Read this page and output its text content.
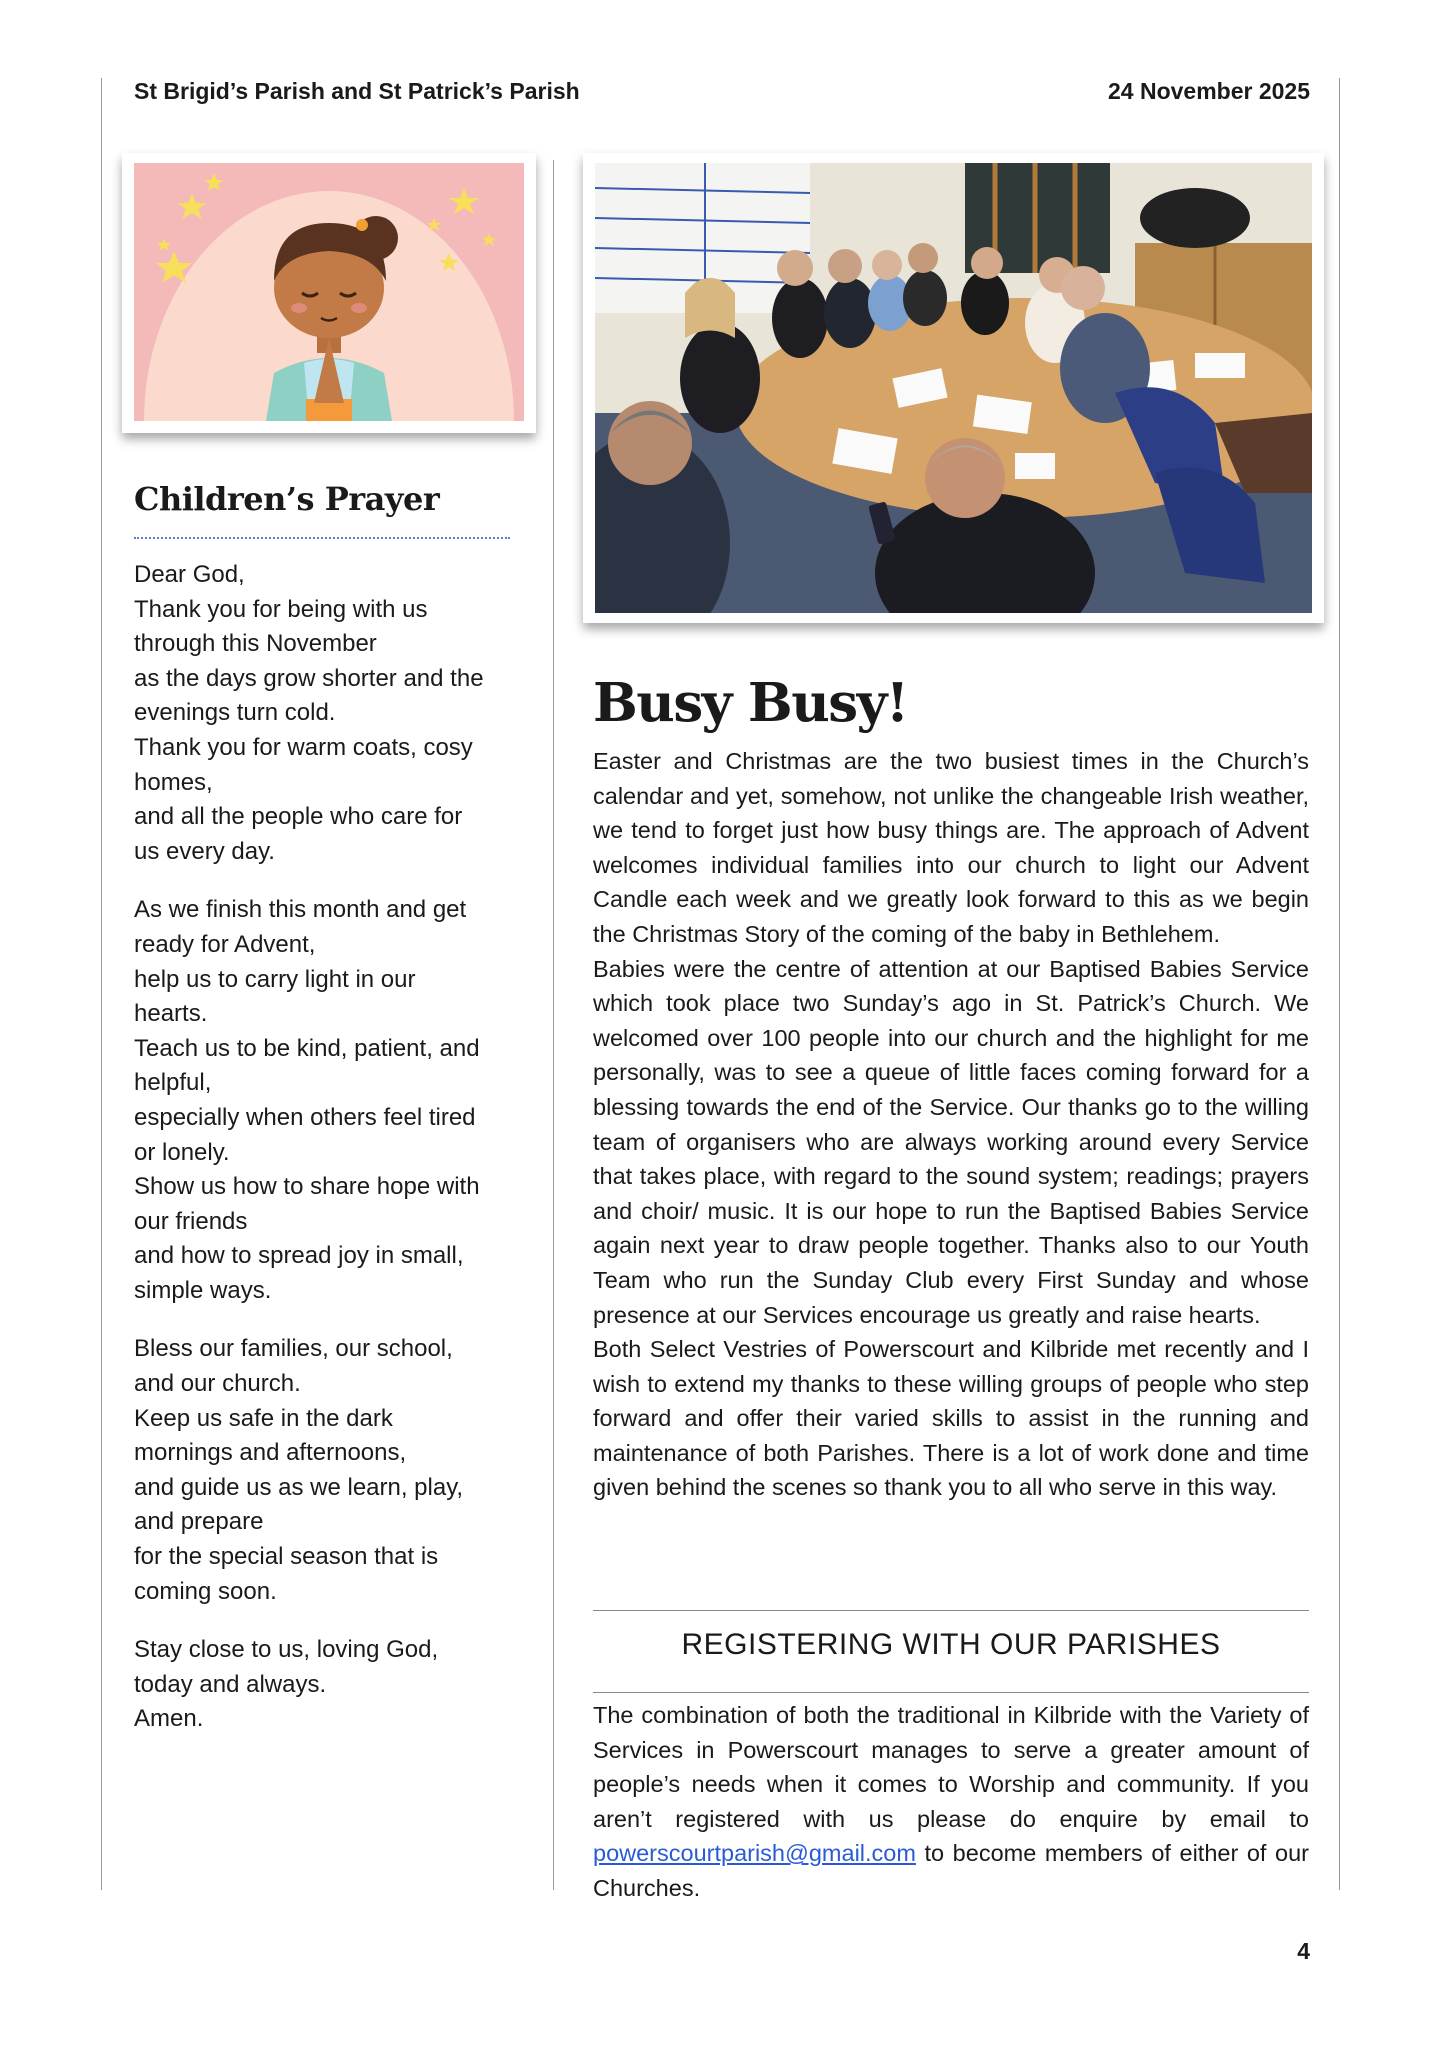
St Brigid’s Parish and St Patrick’s Parish	24 November 2025
Children’s Prayer

Dear God,
Thank you for being with us
through this November
as the days grow shorter and the
evenings turn cold.
Thank you for warm coats, cosy
homes,
and all the people who care for
us every day.

As we finish this month and get
ready for Advent,
help us to carry light in our
hearts.
Teach us to be kind, patient, and
helpful,
especially when others feel tired
or lonely.
Show us how to share hope with
our friends
and how to spread joy in small,
simple ways.

Bless our families, our school,
and our church.
Keep us safe in the dark
mornings and afternoons,
and guide us as we learn, play,
and prepare
for the special season that is
coming soon.

Stay close to us, loving God,
today and always.
Amen.

Busy Busy!

Easter and Christmas are the two busiest times in the Church’s calendar and yet, somehow, not unlike the changeable Irish weather, we tend to forget just how busy things are. The approach of Advent welcomes individual families into our church to light our Advent Candle each week and we greatly look forward to this as we begin the Christmas Story of the coming of the baby in Bethlehem.

Babies were the centre of attention at our Baptised Babies Service which took place two Sunday’s ago in St. Patrick’s Church. We welcomed over 100 people into our church and the highlight for me personally, was to see a queue of little faces coming forward for a blessing towards the end of the Service. Our thanks go to the willing team of organisers who are always working around every Service that takes place, with regard to the sound system; readings; prayers and choir/ music. It is our hope to run the Baptised Babies Service again next year to draw people together. Thanks also to our Youth Team who run the Sunday Club every First Sunday and whose presence at our Services encourage us greatly and raise hearts.

Both Select Vestries of Powerscourt and Kilbride met recently and I wish to extend my thanks to these willing groups of people who step forward and offer their varied skills to assist in the running and maintenance of both Parishes. There is a lot of work done and time given behind the scenes so thank you to all who serve in this way.

REGISTERING WITH OUR PARISHES

The combination of both the traditional in Kilbride with the Variety of Services in Powerscourt manages to serve a greater amount of people’s needs when it comes to Worship and community. If you aren’t registered with us please do enquire by email to powerscourtparish@gmail.com to become members of either of our Churches.

4
